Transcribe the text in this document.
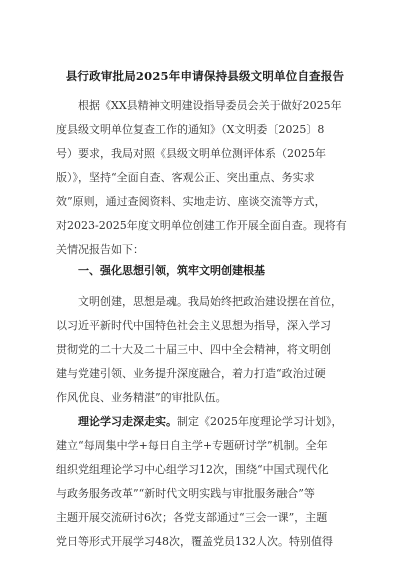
县行政审批局2025年申请保持县级文明单位自查报告
根据《XX县精神文明建设指导委员会关于做好2025年
度县级文明单位复查工作的通知》（X文明委〔2025〕8
号）要求，我局对照《县级文明单位测评体系（2025年
版）》，坚持“全面自查、客观公正、突出重点、务实求
效”原则，通过查阅资料、实地走访、座谈交流等方式，
对2023-2025年度文明单位创建工作开展全面自查。现将有
关情况报告如下：
一、强化思想引领，筑牢文明创建根基
文明创建，思想是魂。我局始终把政治建设摆在首位，
以习近平新时代中国特色社会主义思想为指导，深入学习
贯彻党的二十大及二十届三中、四中全会精神，将文明创
建与党建引领、业务提升深度融合，着力打造“政治过硬
作风优良、业务精湛”的审批队伍。
理论学习走深走实。制定《2025年度理论学习计划》，
建立“每周集中学+每日自主学+专题研讨学”机制。全年
组织党组理论学习中心组学习12次，围绕“中国式现代化
与政务服务改革”“新时代文明实践与审批服务融合”等
主题开展交流研讨6次；各党支部通过“三会一课”，主题
党日等形式开展学习48次，覆盖党员132人次。特别值得
